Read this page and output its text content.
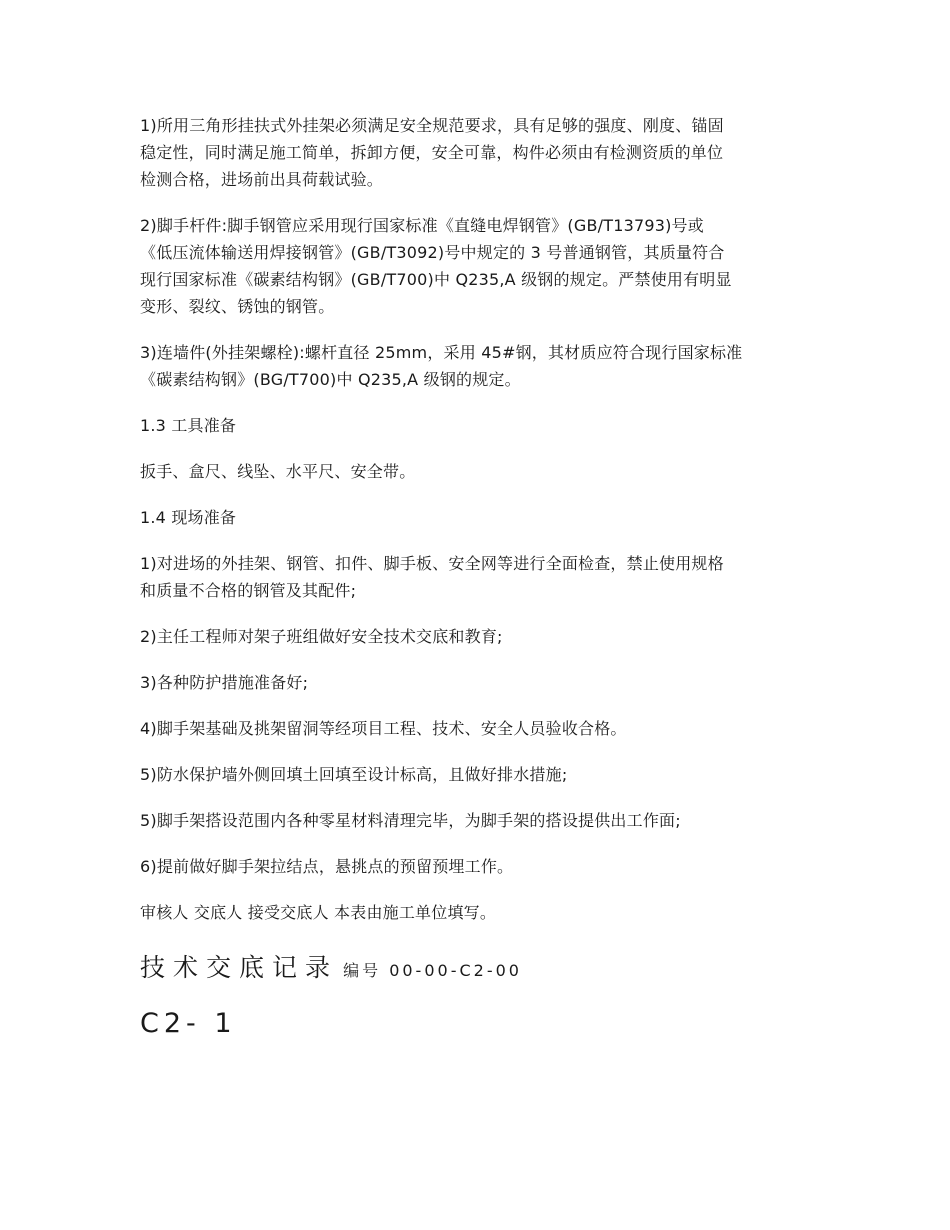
1)所用三角形挂扶式外挂架必须满足安全规范要求，具有足够的强度、刚度、锚固
稳定性，同时满足施工简单，拆卸方便，安全可靠，构件必须由有检测资质的单位
检测合格，进场前出具荷载试验。

2)脚手杆件:脚手钢管应采用现行国家标准《直缝电焊钢管》(GB/T13793)号或
《低压流体输送用焊接钢管》(GB/T3092)号中规定的 3 号普通钢管，其质量符合
现行国家标准《碳素结构钢》(GB/T700)中 Q235,A 级钢的规定。严禁使用有明显
变形、裂纹、锈蚀的钢管。

3)连墙件(外挂架螺栓):螺杆直径 25mm，采用 45#钢，其材质应符合现行国家标准
《碳素结构钢》(BG/T700)中 Q235,A 级钢的规定。

1.3 工具准备

扳手、盒尺、线坠、水平尺、安全带。

1.4 现场准备

1)对进场的外挂架、钢管、扣件、脚手板、安全网等进行全面检查，禁止使用规格
和质量不合格的钢管及其配件;

2)主任工程师对架子班组做好安全技术交底和教育;

3)各种防护措施准备好;

4)脚手架基础及挑架留洞等经项目工程、技术、安全人员验收合格。

5)防水保护墙外侧回填土回填至设计标高，且做好排水措施;

5)脚手架搭设范围内各种零星材料清理完毕，为脚手架的搭设提供出工作面;

6)提前做好脚手架拉结点，悬挑点的预留预埋工作。

审核人 交底人 接受交底人 本表由施工单位填写。

技术交底记录 编号 00-00-C2-00
C2- 1
